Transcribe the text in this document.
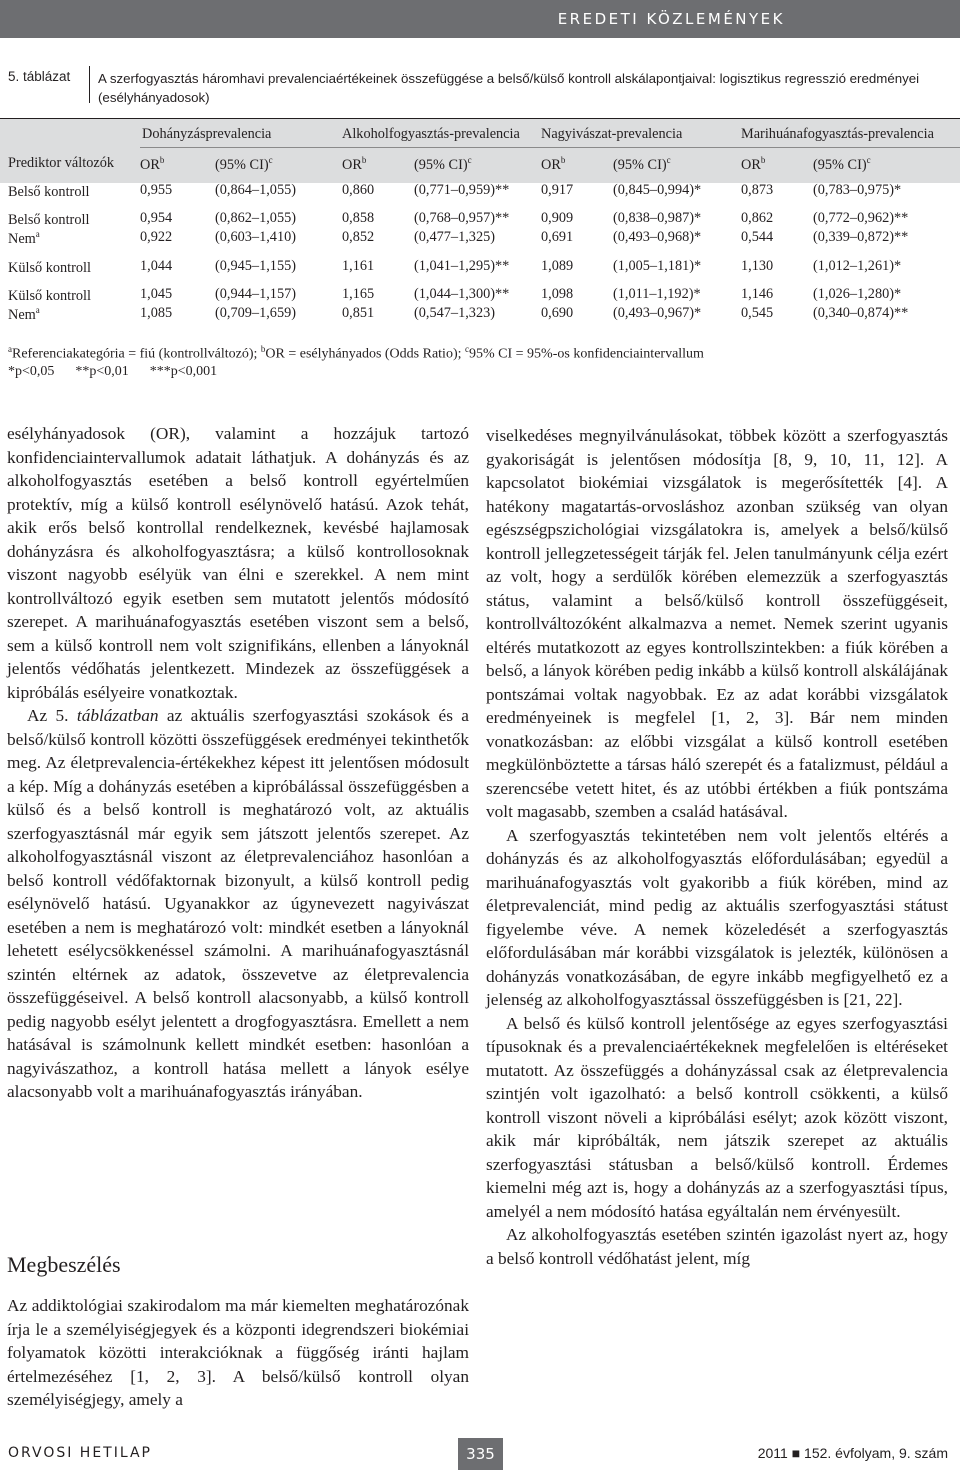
EREDETI KÖZLEMÉNYEK
5. táblázat A szerfogyasztás háromhavi prevalenciaértékeinek összefüggése a belső/külső kontroll alskálapontjaival: logisztikus regresszió eredményei (esélyhányadosok)
Dohányzásprevalencia	Alkoholfogyasztás-prevalencia Nagyivászat-prevalencia	Marihuánafogyasztás-prevalencia
Prediktor változók $OR^b$	(95% CI)$^c$	$OR^b$	(95% CI)$^c$	$OR^b$	(95% CI)$^c$	$OR^b$	(95% CI)$^c$
Belső kontroll	0,955	(0,864–1,055)	0,860	(0,771–0,959)** 0,917	(0,845–0,994)*	0,873	(0,783–0,975)*
Belső kontroll	0,954	(0,862–1,055)	0,858	(0,768–0,957)** 0,909	(0,838–0,987)*	0,862	(0,772–0,962)**
Nem$^a$	0,922	(0,603–1,410)	0,852	(0,477–1,325)	0,691	(0,493–0,968)*	0,544	(0,339–0,872)**
Külső kontroll	1,044	(0,945–1,155)	1,161	(1,041–1,295)** 1,089	(1,005–1,181)*	1,130	(1,012–1,261)*
Külső kontroll	1,045	(0,944–1,157)	1,165	(1,044–1,300)** 1,098	(1,011–1,192)*	1,146	(1,026–1,280)*
Nem$^a$	1,085	(0,709–1,659)	0,851	(0,547–1,323)	0,690	(0,493–0,967)*	0,545	(0,340–0,874)**
$^a$Referenciakategória = fiú (kontrollváltozó); $^b$OR = esélyhányados (Odds Ratio); $^c$95% CI = 95%-os konfidenciaintervallum
*p<0,05      **p<0,01      ***p<0,001

esélyhányadosok (OR), valamint a hozzájuk tartozó konfidenciaintervallumok adatait láthatjuk. A dohányzás és az alkoholfogyasztás esetében a belső kontroll egyértelműen protektív, míg a külső kontroll esélynövelő hatású. Azok tehát, akik erős belső kontrollal rendelkeznek, kevésbé hajlamosak dohányzásra és alkoholfogyasztásra; a külső kontrollosoknak viszont nagyobb esélyük van élni e szerekkel. A nem mint kontrollváltozó egyik esetben sem mutatott jelentős módosító szerepet. A marihuánafogyasztás esetében viszont sem a belső, sem a külső kontroll nem volt szignifikáns, ellenben a lányoknál jelentős védőhatás jelentkezett. Mindezek az összefüggések a kipróbálás esélyeire vonatkoztak.

Az 5. táblázatban az aktuális szerfogyasztási szokások és a belső/külső kontroll közötti összefüggések eredményei tekinthetők meg. Az életprevalencia-értékekhez képest itt jelentősen módosult a kép. Míg a dohányzás esetében a kipróbálással összefüggésben a külső és a belső kontroll is meghatározó volt, az aktuális szerfogyasztásnál már egyik sem játszott jelentős szerepet. Az alkoholfogyasztásnál viszont az életprevalenciához hasonlóan a belső kontroll védőfaktornak bizonyult, a külső kontroll pedig esélynövelő hatású. Ugyanakkor az úgynevezett nagyivászat esetében a nem is meghatározó volt: mindkét esetben a lányoknál lehetett esélycsökkenéssel számolni. A marihuánafogyasztásnál szintén eltérnek az adatok, összevetve az életprevalencia összefüggéseivel. A belső kontroll alacsonyabb, a külső kontroll pedig nagyobb esélyt jelentett a drogfogyasztásra. Emellett a nem hatásával is számolnunk kellett mindkét esetben: hasonlóan a nagyivászathoz, a kontroll hatása mellett a lányok esélye alacsonyabb volt a marihuánafogyasztás irányában.

Megbeszélés

Az addiktológiai szakirodalom ma már kiemelten meghatározónak írja le a személyiségjegyek és a központi idegrendszeri biokémiai folyamatok közötti interakcióknak a függőség iránti hajlam értelmezéséhez [1, 2, 3]. A belső/külső kontroll olyan személyiségjegy, amely a

viselkedéses megnyilvánulásokat, többek között a szerfogyasztás gyakoriságát is jelentősen módosítja [8, 9, 10, 11, 12]. A kapcsolatot biokémiai vizsgálatok is megerősítették [4]. A hatékony magatartás-orvosláshoz azonban szükség van olyan egészségpszichológiai vizsgálatokra is, amelyek a belső/külső kontroll jellegzetességeit tárják fel. Jelen tanulmányunk célja ezért az volt, hogy a serdülők körében elemezzük a szerfogyasztás státus, valamint a belső/külső kontroll összefüggéseit, kontrollváltozóként alkalmazva a nemet. Nemek szerint ugyanis eltérés mutatkozott az egyes kontrollszintekben: a fiúk körében a belső, a lányok körében pedig inkább a külső kontroll alskálájának pontszámai voltak nagyobbak. Ez az adat korábbi vizsgálatok eredményeinek is megfelel [1, 2, 3]. Bár nem minden vonatkozásban: az előbbi vizsgálat a külső kontroll esetében megkülönböztette a társas háló szerepét és a fatalizmust, például a szerencsébe vetett hitet, és az utóbbi értékben a fiúk pontszáma volt magasabb, szemben a család hatásával.

A szerfogyasztás tekintetében nem volt jelentős eltérés a dohányzás és az alkoholfogyasztás előfordulásában; egyedül a marihuánafogyasztás volt gyakoribb a fiúk körében, mind az életprevalenciát, mind pedig az aktuális szerfogyasztási státust figyelembe véve. A nemek közeledését a szerfogyasztás előfordulásában már korábbi vizsgálatok is jelezték, különösen a dohányzás vonatkozásában, de egyre inkább megfigyelhető ez a jelenség az alkoholfogyasztással összefüggésben is [21, 22].

A belső és külső kontroll jelentősége az egyes szerfogyasztási típusoknak és a prevalenciaértékeknek megfelelően is eltéréseket mutatott. Az összefüggés a dohányzással csak az életprevalencia szintjén volt igazolható: a belső kontroll csökkenti, a külső kontroll viszont növeli a kipróbálási esélyt; azok között viszont, akik már kipróbálták, nem játszik szerepet az aktuális szerfogyasztási státusban a belső/külső kontroll. Érdemes kiemelni még azt is, hogy a dohányzás az a szerfogyasztási típus, amelyél a nem módosító hatása egyáltalán nem érvényesült.

Az alkoholfogyasztás esetében szintén igazolást nyert az, hogy a belső kontroll védőhatást jelent, míg

ORVOSI HETILAP	335	2011 ■ 152. évfolyam, 9. szám
